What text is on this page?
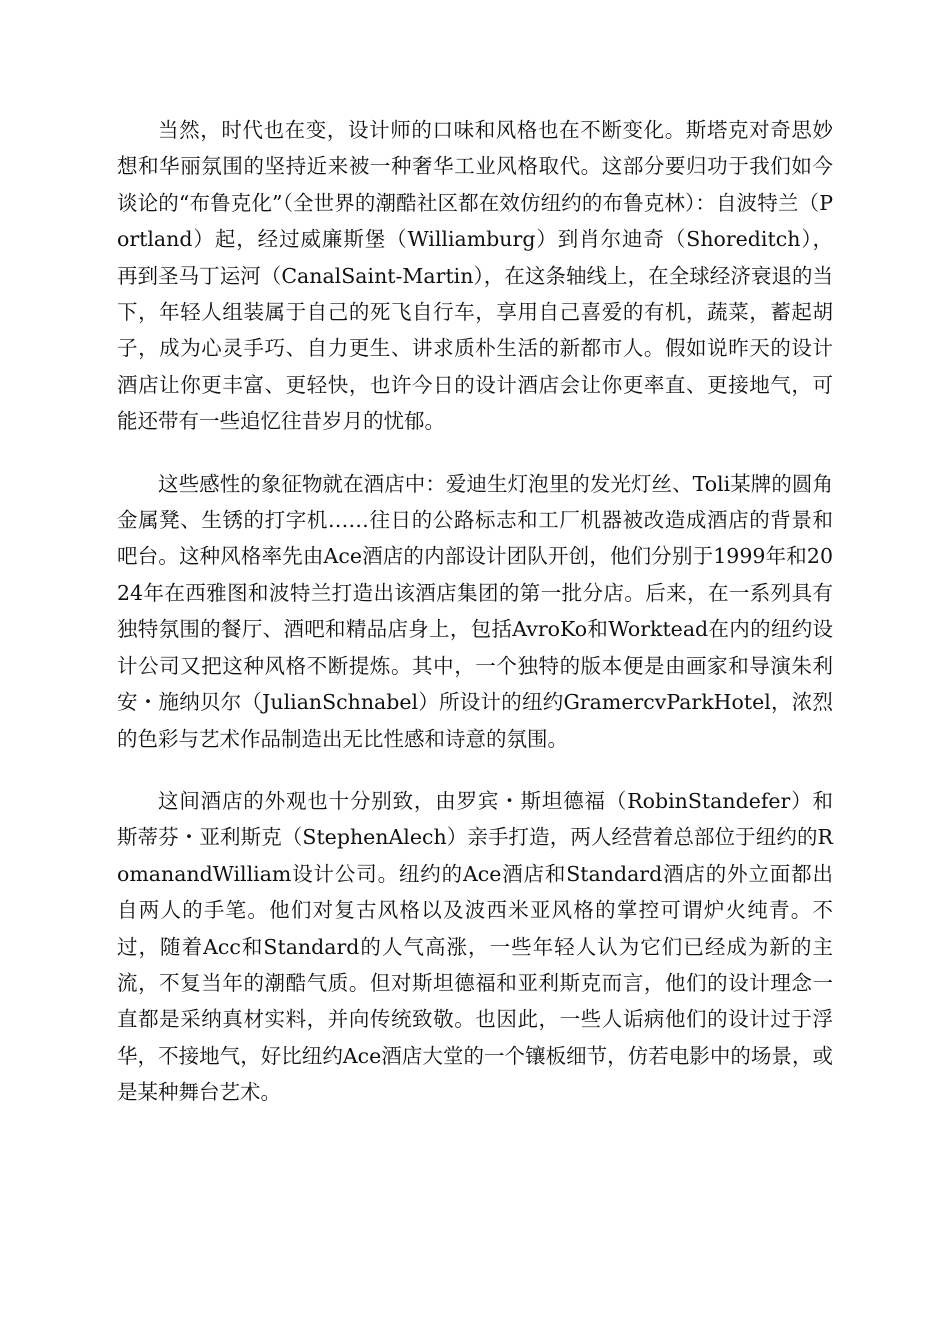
当然，时代也在变，设计师的口味和风格也在不断变化。斯塔克对奇思妙想和华丽氛围的坚持近来被一种奢华工业风格取代。这部分要归功于我们如今谈论的“布鲁克化”（全世界的潮酷社区都在效仿纽约的布鲁克林）：自波特兰（Portland）起，经过威廉斯堡（Williamburg）到肖尔迪奇（Shoreditch），再到圣马丁运河（CanalSaint-Martin），在这条轴线上，在全球经济衰退的当下，年轻人组装属于自己的死飞自行车，享用自己喜爱的有机，蔬菜，蓄起胡子，成为心灵手巧、自力更生、讲求质朴生活的新都市人。假如说昨天的设计酒店让你更丰富、更轻快，也许今日的设计酒店会让你更率直、更接地气，可能还带有一些追忆往昔岁月的忧郁。

这些感性的象征物就在酒店中：爱迪生灯泡里的发光灯丝、Toli某牌的圆角金属凳、生锈的打字机……往日的公路标志和工厂机器被改造成酒店的背景和吧台。这种风格率先由Ace酒店的内部设计团队开创，他们分别于1999年和2024年在西雅图和波特兰打造出该酒店集团的第一批分店。后来，在一系列具有独特氛围的餐厅、酒吧和精品店身上，包括AvroKo和Worktead在内的纽约设计公司又把这种风格不断提炼。其中，一个独特的版本便是由画家和导演朱利安・施纳贝尔（JulianSchnabel）所设计的纽约GramercvParkHotel，浓烈的色彩与艺术作品制造出无比性感和诗意的氛围。

这间酒店的外观也十分别致，由罗宾・斯坦德福（RobinStandefer）和斯蒂芬・亚利斯克（StephenAlech）亲手打造，两人经营着总部位于纽约的RomanandWilliam设计公司。纽约的Ace酒店和Standard酒店的外立面都出自两人的手笔。他们对复古风格以及波西米亚风格的掌控可谓炉火纯青。不过，随着Acc和Standard的人气高涨，一些年轻人认为它们已经成为新的主流，不复当年的潮酷气质。但对斯坦德福和亚利斯克而言，他们的设计理念一直都是采纳真材实料，并向传统致敬。也因此，一些人诟病他们的设计过于浮华，不接地气，好比纽约Ace酒店大堂的一个镶板细节，仿若电影中的场景，或是某种舞台艺术。
